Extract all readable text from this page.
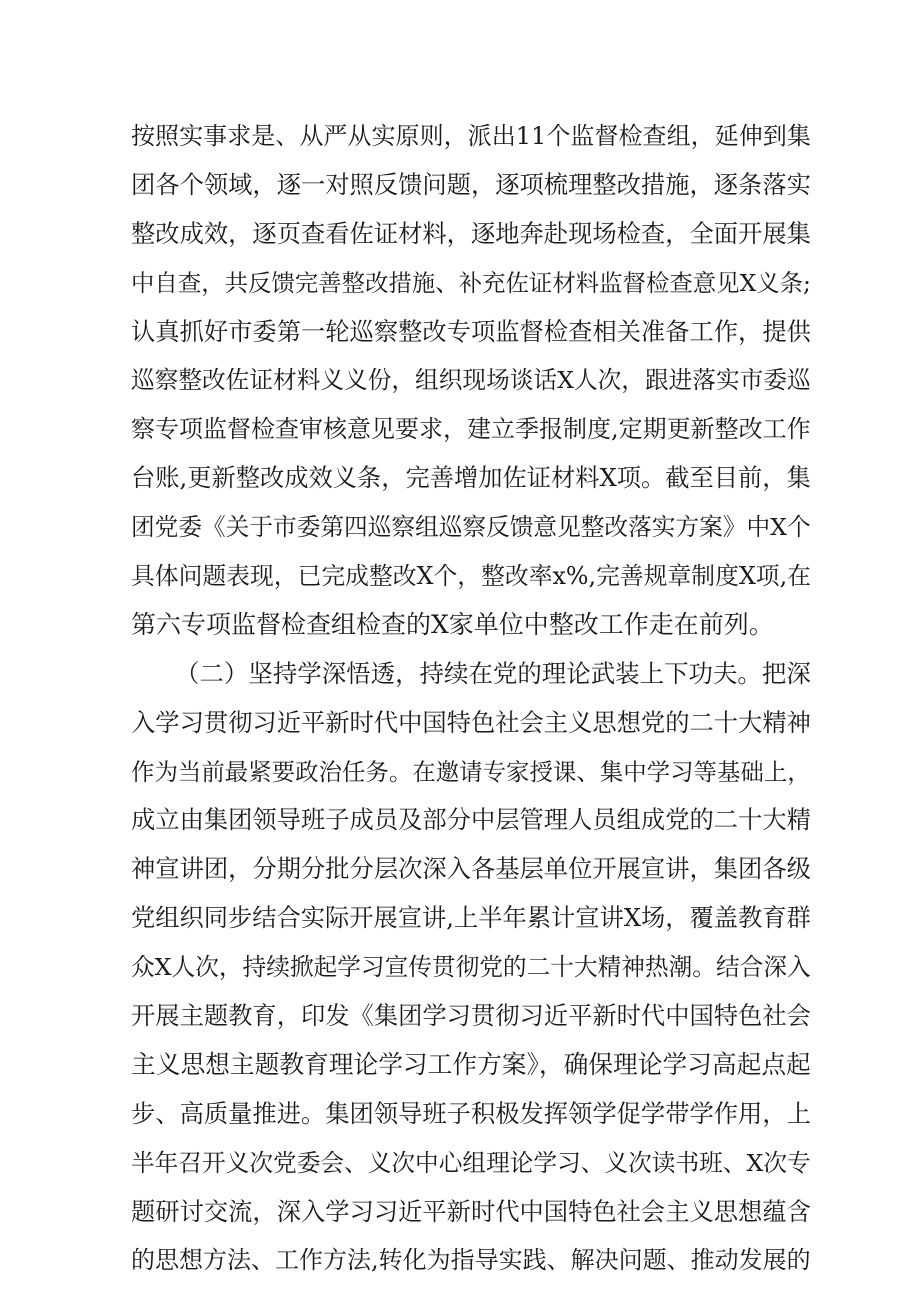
按照实事求是、从严从实原则，派出11个监督检查组，延伸到集
团各个领域，逐一对照反馈问题，逐项梳理整改措施，逐条落实
整改成效，逐页查看佐证材料，逐地奔赴现场检查，全面开展集
中自查，共反馈完善整改措施、补充佐证材料监督检查意见X义条;
认真抓好市委第一轮巡察整改专项监督检查相关准备工作，提供
巡察整改佐证材料义义份，组织现场谈话X人次，跟进落实市委巡
察专项监督检查审核意见要求，建立季报制度,定期更新整改工作
台账,更新整改成效义条，完善增加佐证材料X项。截至目前，集
团党委《关于市委第四巡察组巡察反馈意见整改落实方案》中X个
具体问题表现，已完成整改X个，整改率x%,完善规章制度X项,在
第六专项监督检查组检查的X家单位中整改工作走在前列。
（二）坚持学深悟透，持续在党的理论武装上下功夫。把深
入学习贯彻习近平新时代中国特色社会主义思想党的二十大精神
作为当前最紧要政治任务。在邀请专家授课、集中学习等基础上，
成立由集团领导班子成员及部分中层管理人员组成党的二十大精
神宣讲团，分期分批分层次深入各基层单位开展宣讲，集团各级
党组织同步结合实际开展宣讲,上半年累计宣讲X场，覆盖教育群
众X人次，持续掀起学习宣传贯彻党的二十大精神热潮。结合深入
开展主题教育，印发《集团学习贯彻习近平新时代中国特色社会
主义思想主题教育理论学习工作方案》，确保理论学习高起点起
步、高质量推进。集团领导班子积极发挥领学促学带学作用，上
半年召开义次党委会、义次中心组理论学习、义次读书班、X次专
题研讨交流，深入学习习近平新时代中国特色社会主义思想蕴含
的思想方法、工作方法,转化为指导实践、解决问题、推动发展的
